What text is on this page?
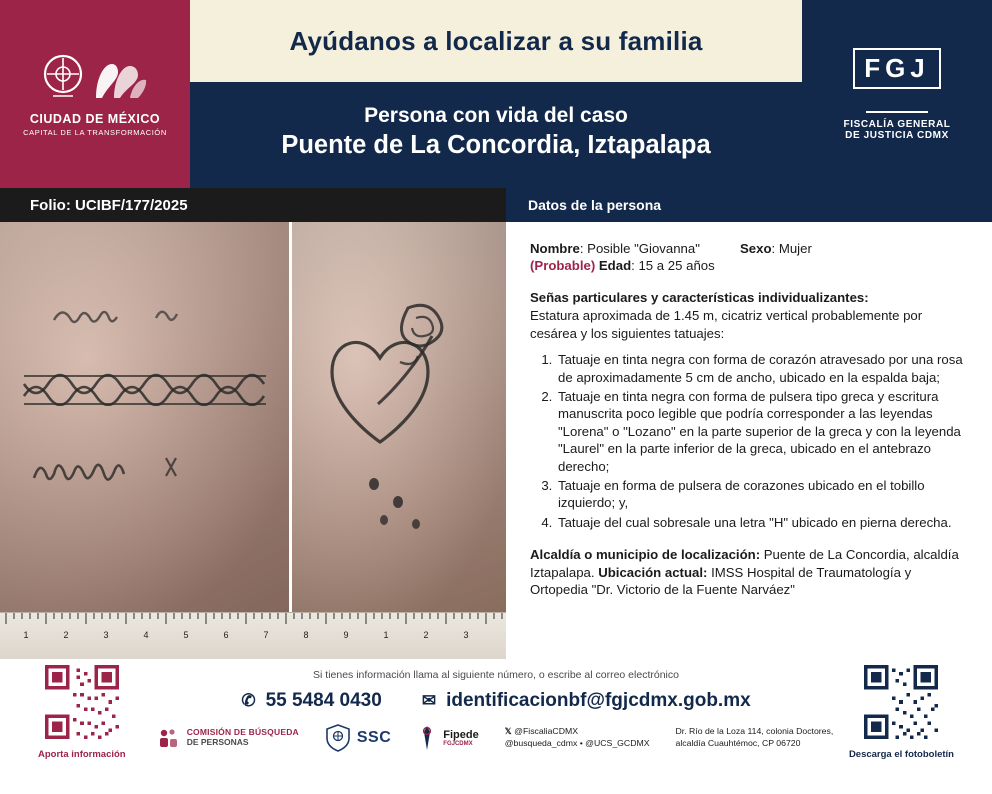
CIUDAD DE MÉXICO
CAPITAL DE LA TRANSFORMACIÓN
Ayúdanos a localizar a su familia
Persona con vida del caso
Puente de La Concordia, Iztapalapa
FGJ
FISCALÍA GENERAL
DE JUSTICIA CDMX
Folio: UCIBF/177/2025	Datos de la persona
1	2	3	4	5	6	7	8	9	1	2	3
Nombre: Posible "Giovanna"	Sexo: Mujer
(Probable) Edad: 15 a 25 años
Señas particulares y características individualizantes:
Estatura aproximada de 1.45 m, cicatriz vertical probablemente por cesárea y los siguientes tatuajes:
1. Tatuaje en tinta negra con forma de corazón atravesado por una rosa de aproximadamente 5 cm de ancho, ubicado en la espalda baja;
2. Tatuaje en tinta negra con forma de pulsera tipo greca y escritura manuscrita poco legible que podría corresponder a las leyendas "Lorena" o "Lozano" en la parte superior de la greca y con la leyenda "Laurel" en la parte inferior de la greca, ubicado en el antebrazo derecho;
3. Tatuaje en forma de pulsera de corazones ubicado en el tobillo izquierdo; y,
4. Tatuaje del cual sobresale una letra "H" ubicado en pierna derecha.
Alcaldía o municipio de localización: Puente de La Concordia, alcaldía Iztapalapa. Ubicación actual: IMSS Hospital de Traumatología y Ortopedia "Dr. Victorio de la Fuente Narváez"
Aporta información	Descarga el fotoboletín
Si tienes información llama al siguiente número, o escribe al correo electrónico
✆ 55 5484 0430 ✉ identificacionbf@fgjcdmx.gob.mx
COMISIÓN DE BÚSQUEDA
DE PERSONAS	SSC	Fipede
FGJCDMX
𝕏 @FiscaliaCDMX
@busqueda_cdmx • @UCS_GCDMX
Dr. Río de la Loza 114, colonia Doctores,
alcaldía Cuauhtémoc, CP 06720
